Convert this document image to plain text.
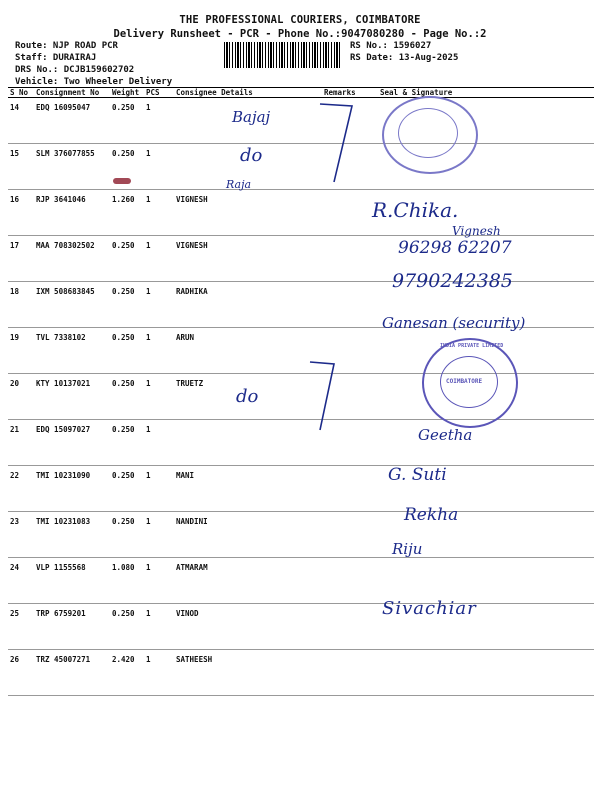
THE PROFESSIONAL COURIERS, COIMBATORE
Delivery Runsheet - PCR - Phone No.:9047080280 - Page No.:2
Route: NJP ROAD PCR
Staff: DURAIRAJ
DRS No.: DCJB159602702
Vehicle: Two Wheeler Delivery
RS No.: 1596027
RS Date: 13-Aug-2025
S No	Consignment No	Weight	PCS	Consignee Details	Remarks	Seal & Signature
14	EDQ 16095047	0.250	1			
15	SLM 376077855	0.250	1			
16	RJP 3641046	1.260	1	VIGNESH		
17	MAA 708302502	0.250	1	VIGNESH		
18	IXM 508683845	0.250	1	RADHIKA		
19	TVL 7338102	0.250	1	ARUN		
20	KTY 10137021	0.250	1	TRUETZ		
21	EDQ 15097027	0.250	1			
22	TMI 10231090	0.250	1	MANI		
23	TMI 10231083	0.250	1	NANDINI		
24	VLP 1155568	1.080	1	ATMARAM		
25	TRP 6759201	0.250	1	VINOD		
26	TRZ 45007271	2.420	1	SATHEESH		
Bajaj
do
Raja
R.Chika.
Vignesh
96298 62207
9790242385
Ganesan (security)
do
Geetha
G. Suti
Rekha
Riju
Sivachiar
COIMBATORE
INDIA PRIVATE LIMITED
